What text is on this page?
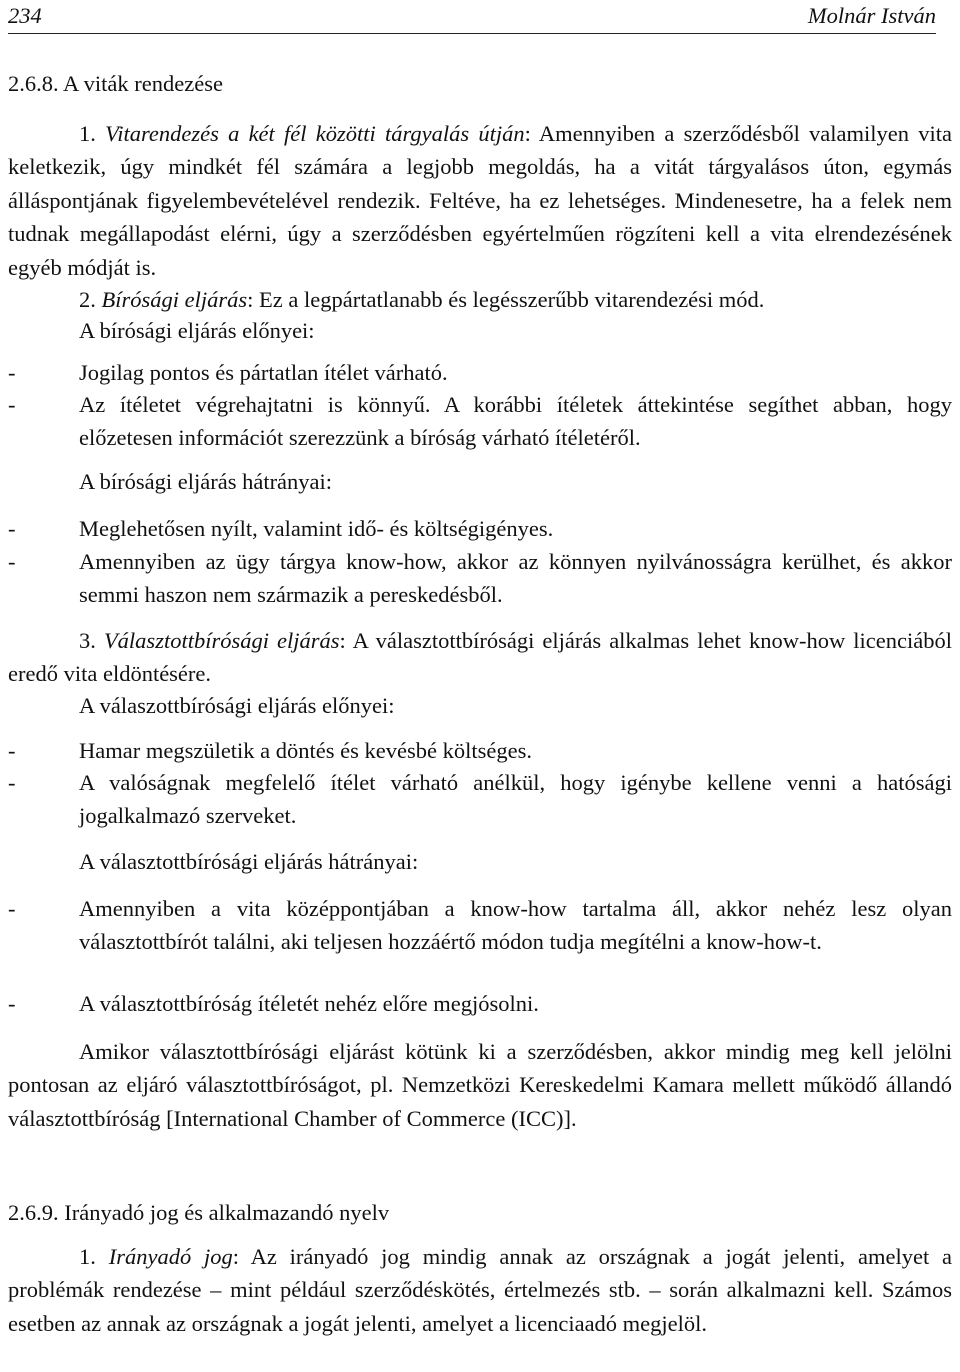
234	Molnár István
2.6.8. A viták rendezése
1. Vitarendezés a két fél közötti tárgyalás útján: Amennyiben a szerződésből valamilyen vita keletkezik, úgy mindkét fél számára a legjobb megoldás, ha a vitát tárgyalásos úton, egymás álláspontjának figyelembevételével rendezik. Feltéve, ha ez lehetséges. Mindenesetre, ha a felek nem tudnak megállapodást elérni, úgy a szerződésben egyértelműen rögzíteni kell a vita elrendezésének egyéb módját is.
2. Bírósági eljárás: Ez a legpártatlanabb és legésszerűbb vitarendezési mód.
A bírósági eljárás előnyei:
-	Jogilag pontos és pártatlan ítélet várható.
-	Az ítéletet végrehajtatni is könnyű. A korábbi ítéletek áttekintése segíthet abban, hogy előzetesen információt szerezzünk a bíróság várható ítéletéről.
A bírósági eljárás hátrányai:
-	Meglehetősen nyílt, valamint idő- és költségigényes.
-	Amennyiben az ügy tárgya know-how, akkor az könnyen nyilvánosságra kerülhet, és akkor semmi haszon nem származik a pereskedésből.
3. Választottbírósági eljárás: A választottbírósági eljárás alkalmas lehet know-how licenciából eredő vita eldöntésére.
A válaszottbírósági eljárás előnyei:
-	Hamar megszületik a döntés és kevésbé költséges.
-	A valóságnak megfelelő ítélet várható anélkül, hogy igénybe kellene venni a hatósági jogalkalmazó szerveket.
A választottbírósági eljárás hátrányai:
-	Amennyiben a vita középpontjában a know-how tartalma áll, akkor nehéz lesz olyan választottbírót találni, aki teljesen hozzáértő módon tudja megítélni a know-how-t.
-	A választottbíróság ítéletét nehéz előre megjósolni.
Amikor választottbírósági eljárást kötünk ki a szerződésben, akkor mindig meg kell jelölni pontosan az eljáró választottbíróságot, pl. Nemzetközi Kereskedelmi Kamara mellett működő állandó választottbíróság [International Chamber of Commerce (ICC)].
2.6.9. Irányadó jog és alkalmazandó nyelv
1. Irányadó jog: Az irányadó jog mindig annak az országnak a jogát jelenti, amelyet a problémák rendezése – mint például szerződéskötés, értelmezés stb. – során alkalmazni kell. Számos esetben az annak az országnak a jogát jelenti, amelyet a licenciaadó megjelöl.
